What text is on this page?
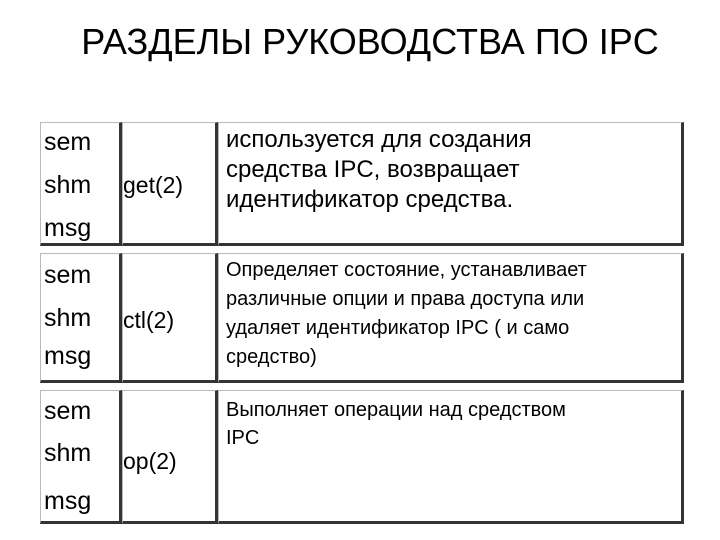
РАЗДЕЛЫ РУКОВОДСТВА ПО IPC
sem
shm
msg
get(2)
используется для создания
средства IPC, возвращает
идентификатор средства.
sem
shm
msg
ctl(2)
Определяет состояние, устанавливает
различные опции и права доступа или
удаляет идентификатор IPC ( и само
средство)
sem
shm
msg
op(2)
Выполняет операции над средством
IPC
